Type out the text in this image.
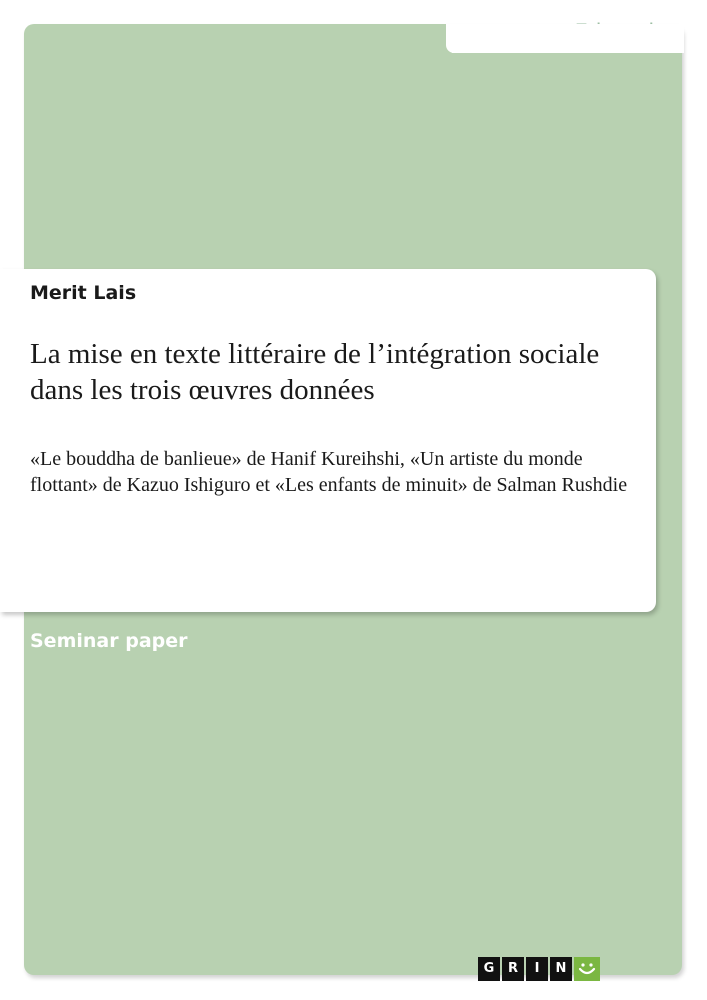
Merit Lais
La mise en texte littéraire de l’intégration sociale dans les trois œuvres données
«Le bouddha de banlieue» de Hanif Kureihshi, «Un artiste du monde flottant» de Kazuo Ishiguro et «Les enfants de minuit» de Salman Rushdie
Seminar paper
G	R	I	N
